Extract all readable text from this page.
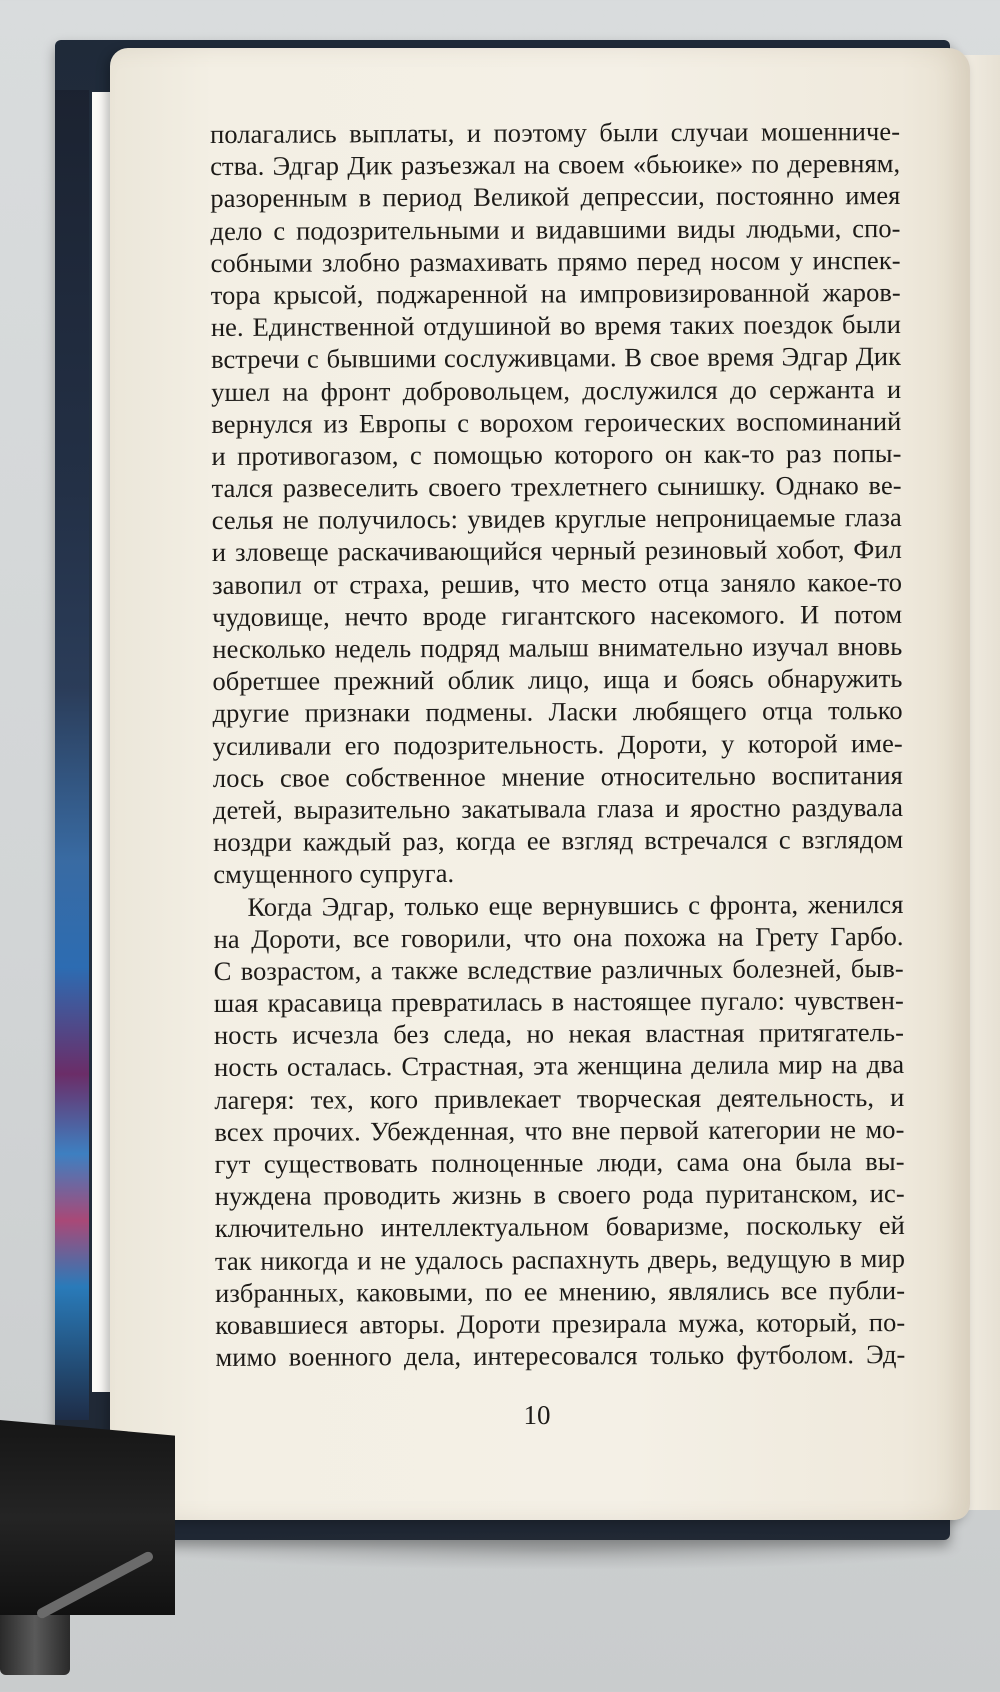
полагались выплаты, и поэтому были случаи мошенниче-
ства. Эдгар Дик разъезжал на своем «бьюике» по деревням,
разоренным в период Великой депрессии, постоянно имея
дело с подозрительными и видавшими виды людьми, спо-
собными злобно размахивать прямо перед носом у инспек-
тора крысой, поджаренной на импровизированной жаров-
не. Единственной отдушиной во время таких поездок были
встречи с бывшими сослуживцами. В свое время Эдгар Дик
ушел на фронт добровольцем, дослужился до сержанта и
вернулся из Европы с ворохом героических воспоминаний
и противогазом, с помощью которого он как-то раз попы-
тался развеселить своего трехлетнего сынишку. Однако ве-
селья не получилось: увидев круглые непроницаемые глаза
и зловеще раскачивающийся черный резиновый хобот, Фил
завопил от страха, решив, что место отца заняло какое-то
чудовище, нечто вроде гигантского насекомого. И потом
несколько недель подряд малыш внимательно изучал вновь
обретшее прежний облик лицо, ища и боясь обнаружить
другие признаки подмены. Ласки любящего отца только
усиливали его подозрительность. Дороти, у которой име-
лось свое собственное мнение относительно воспитания
детей, выразительно закатывала глаза и яростно раздувала
ноздри каждый раз, когда ее взгляд встречался с взглядом
смущенного супруга.
Когда Эдгар, только еще вернувшись с фронта, женился
на Дороти, все говорили, что она похожа на Грету Гарбо.
С возрастом, а также вследствие различных болезней, быв-
шая красавица превратилась в настоящее пугало: чувствен-
ность исчезла без следа, но некая властная притягатель-
ность осталась. Страстная, эта женщина делила мир на два
лагеря: тех, кого привлекает творческая деятельность, и
всех прочих. Убежденная, что вне первой категории не мо-
гут существовать полноценные люди, сама она была вы-
нуждена проводить жизнь в своего рода пуританском, ис-
ключительно интеллектуальном боваризме, поскольку ей
так никогда и не удалось распахнуть дверь, ведущую в мир
избранных, каковыми, по ее мнению, являлись все публи-
ковавшиеся авторы. Дороти презирала мужа, который, по-
мимо военного дела, интересовался только футболом. Эд-
10
